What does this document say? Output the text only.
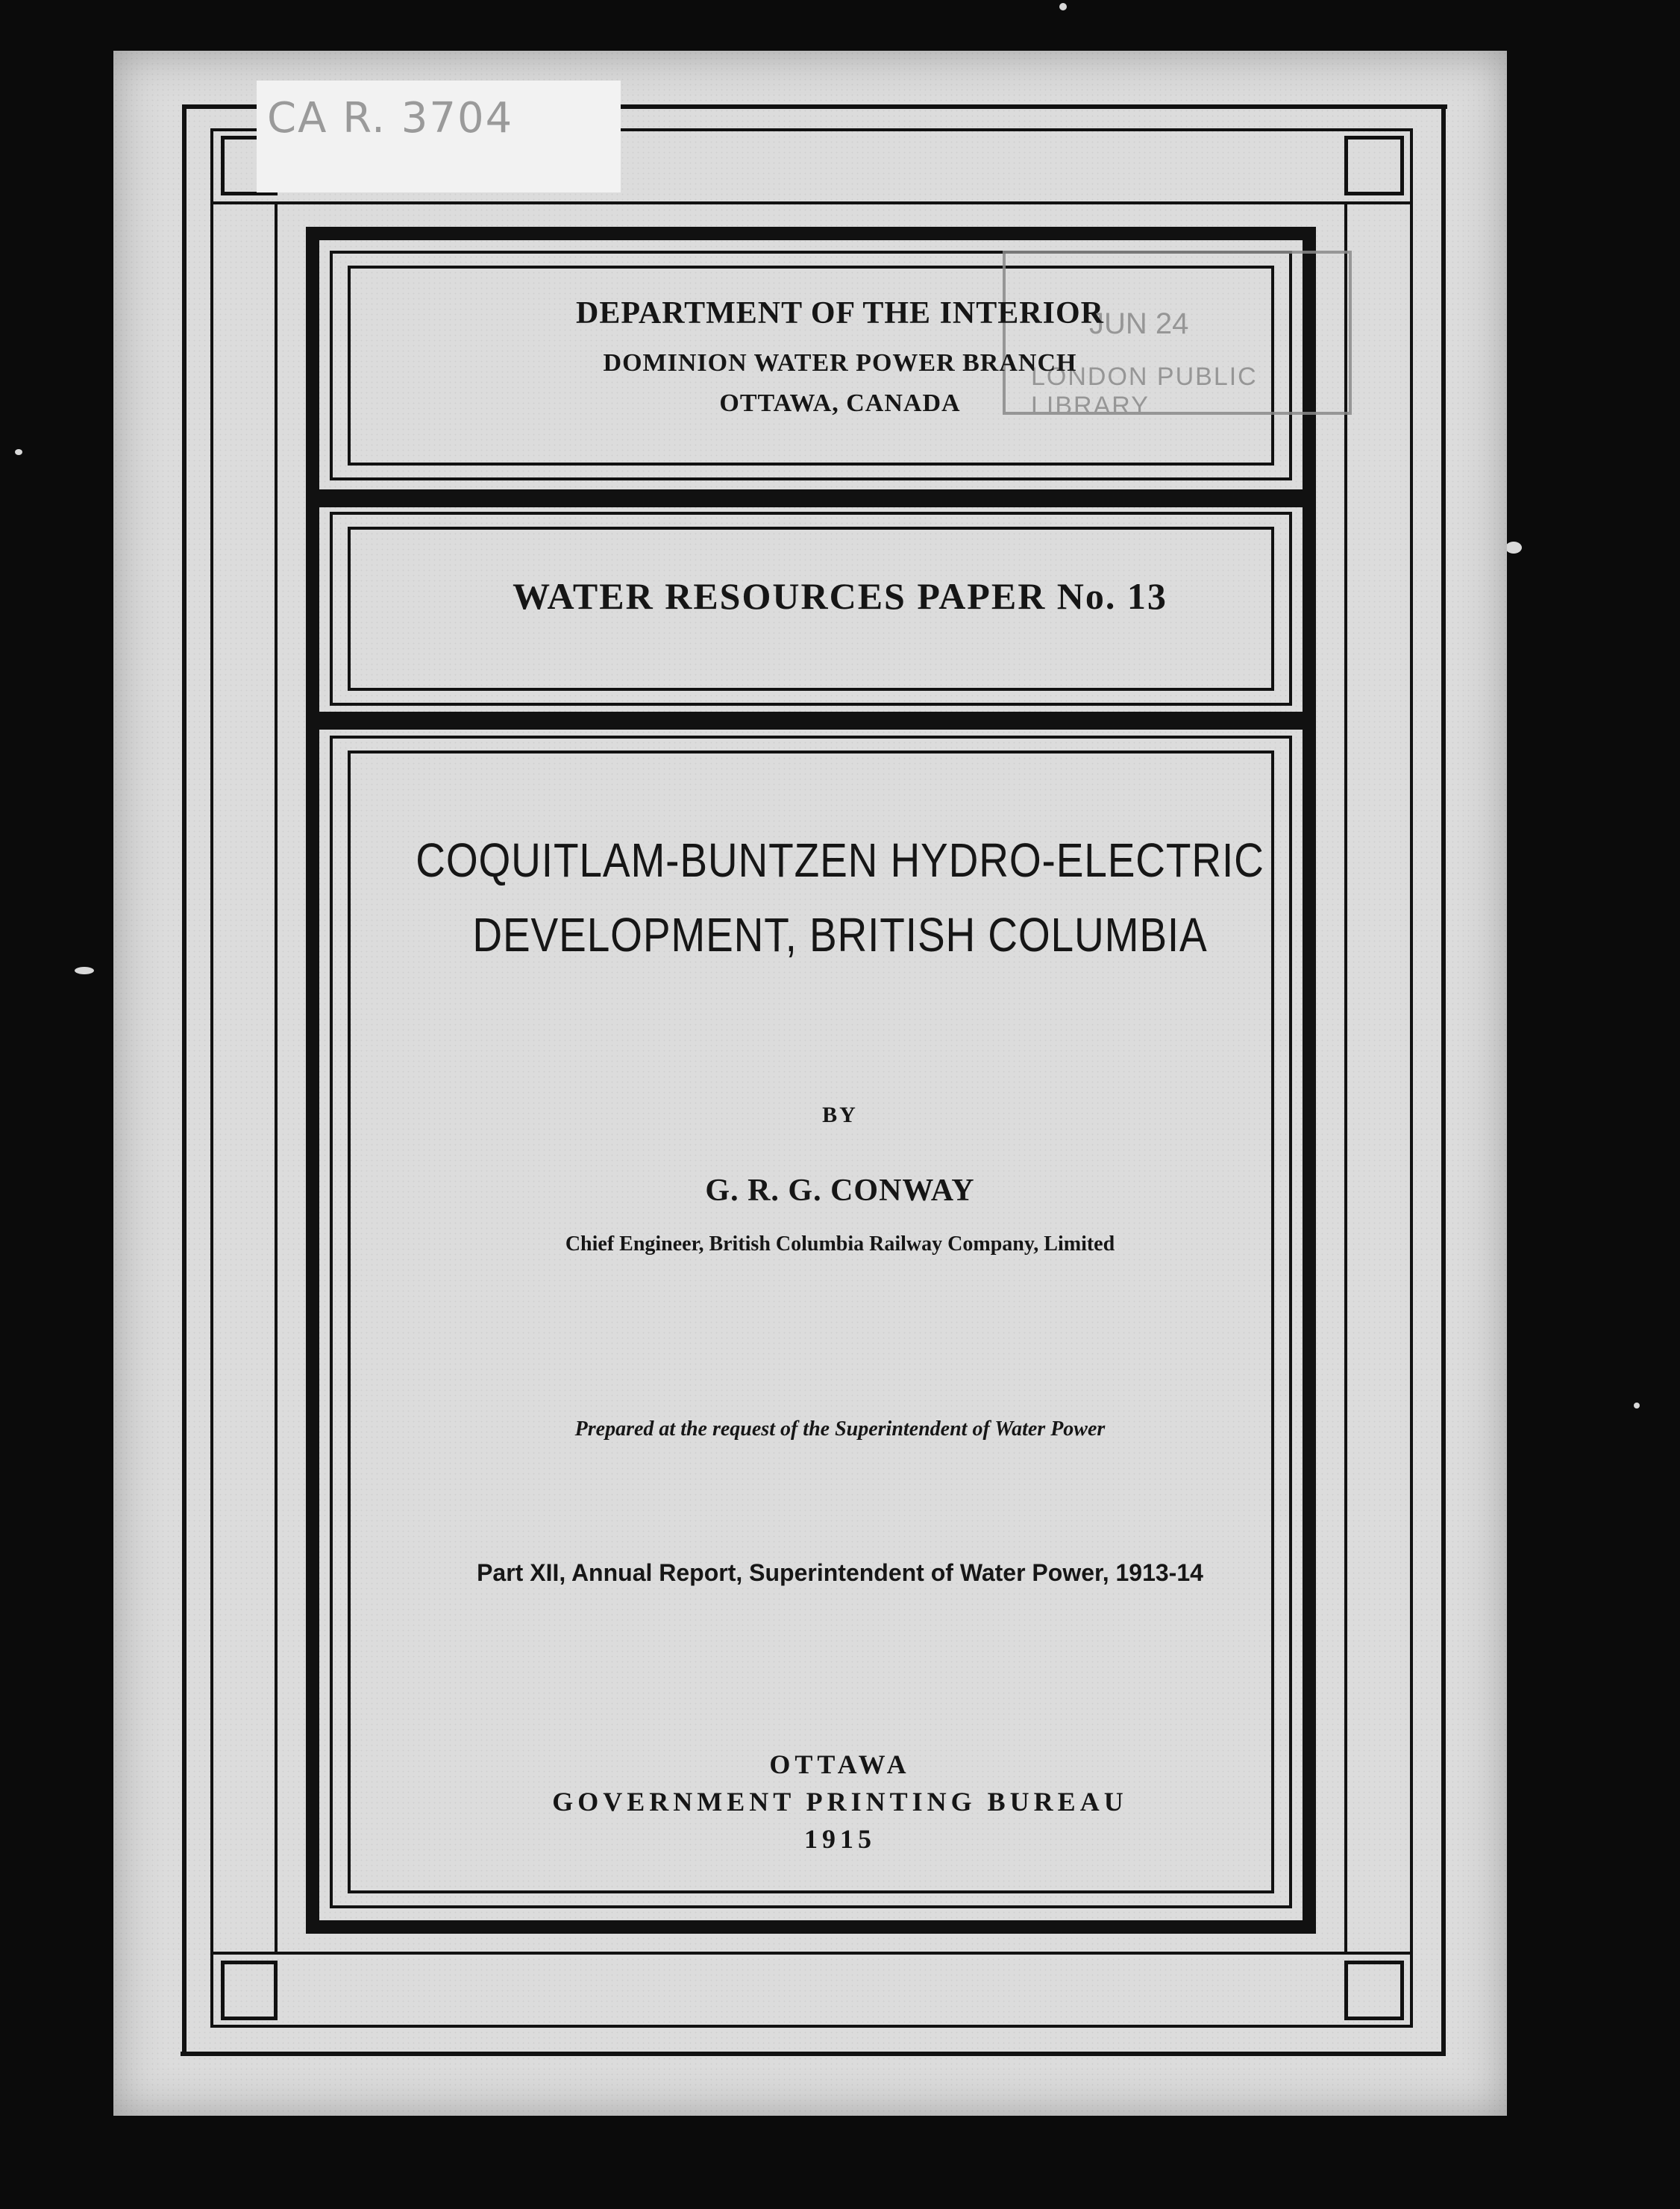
CA R. 3704
JUN 24
LONDON PUBLIC LIBRARY
DEPARTMENT OF THE INTERIOR
DOMINION WATER POWER BRANCH
OTTAWA, CANADA
WATER RESOURCES PAPER No. 13
COQUITLAM-BUNTZEN HYDRO-ELECTRIC
DEVELOPMENT, BRITISH COLUMBIA
BY
G. R. G. CONWAY
Chief Engineer, British Columbia Railway Company, Limited
Prepared at the request of the Superintendent of Water Power
Part XII, Annual Report, Superintendent of Water Power, 1913-14
OTTAWA
GOVERNMENT PRINTING BUREAU
1915
